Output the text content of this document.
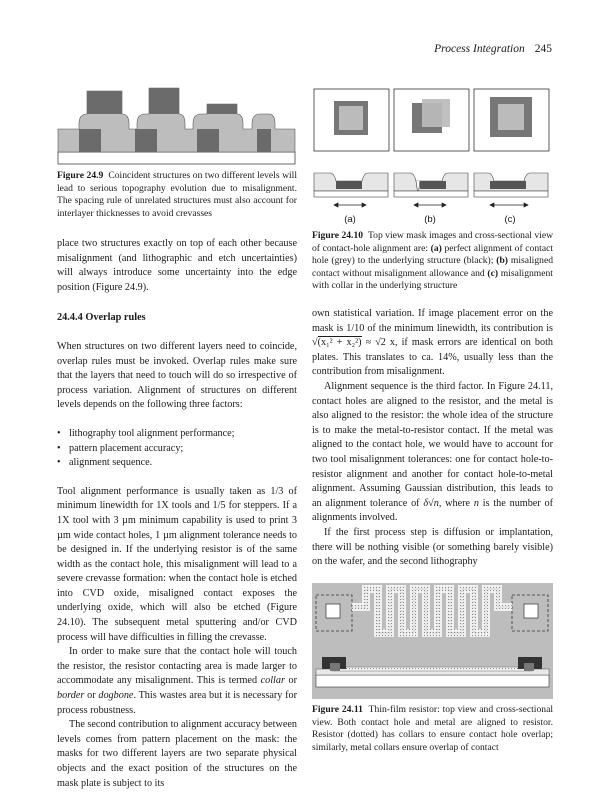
Process Integration 245
Figure 24.9 Coincident structures on two different levels will lead to serious topography evolution due to misalignment. The spacing rule of unrelated structures must also account for interlayer thicknesses to avoid crevasses
(a)	(b)	(c)
Figure 24.10 Top view mask images and cross-sectional view of contact-hole alignment are: (a) perfect alignment of contact hole (grey) to the underlying structure (black); (b) misaligned contact without misalignment allowance and (c) misalignment with collar in the underlying structure

place two structures exactly on top of each other because misalignment (and lithographic and etch uncertainties) will always introduce some uncertainty into the edge position (Figure 24.9).

24.4.4 Overlap rules

When structures on two different layers need to coincide, overlap rules must be invoked. Overlap rules make sure that the layers that need to touch will do so irrespective of process variation. Alignment of structures on different levels depends on the following three factors:

• lithography tool alignment performance;
• pattern placement accuracy;
• alignment sequence.

Tool alignment performance is usually taken as 1/3 of minimum linewidth for 1X tools and 1/5 for steppers. If a 1X tool with 3 µm minimum capability is used to print 3 µm wide contact holes, 1 µm alignment tolerance needs to be designed in. If the underlying resistor is of the same width as the contact hole, this misalignment will lead to a severe crevasse formation: when the contact hole is etched into CVD oxide, misaligned contact exposes the underlying oxide, which will also be etched (Figure 24.10). The subsequent metal sputtering and/or CVD process will have difficulties in filling the crevasse.

In order to make sure that the contact hole will touch the resistor, the resistor contacting area is made larger to accommodate any misalignment. This is termed collar or border or dogbone. This wastes area but it is necessary for process robustness.

The second contribution to alignment accuracy between levels comes from pattern placement on the mask: the masks for two different layers are two separate physical objects and the exact position of the structures on the mask plate is subject to its

own statistical variation. If image placement error on the mask is 1/10 of the minimum linewidth, its contribution is √(x₁² + x₂²) ≈ √2 x, if mask errors are identical on both plates. This translates to ca. 14%, usually less than the contribution from misalignment.

Alignment sequence is the third factor. In Figure 24.11, contact holes are aligned to the resistor, and the metal is also aligned to the resistor: the whole idea of the structure is to make the metal-to-resistor contact. If the metal was aligned to the contact hole, we would have to account for two tool misalignment tolerances: one for contact hole-to-resistor alignment and another for contact hole-to-metal alignment. Assuming Gaussian distribution, this leads to an alignment tolerance of δ√n, where n is the number of alignments involved.

If the first process step is diffusion or implantation, there will be nothing visible (or something barely visible) on the wafer, and the second lithography

Figure 24.11 Thin-film resistor: top view and cross-sectional view. Both contact hole and metal are aligned to resistor. Resistor (dotted) has collars to ensure contact hole overlap; similarly, metal collars ensure overlap of contact
